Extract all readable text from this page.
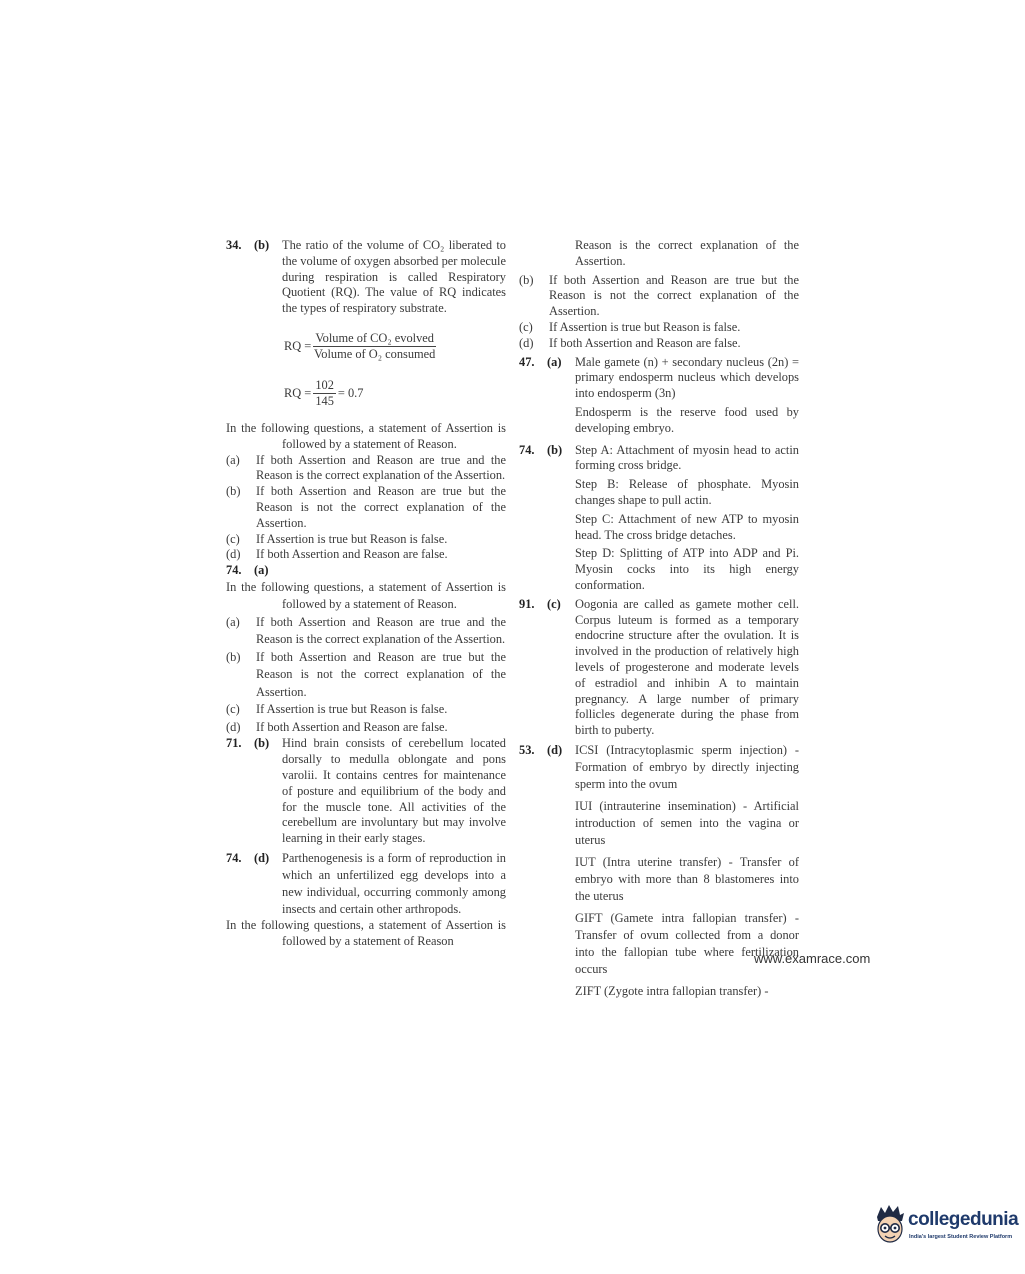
34.	(b)	The ratio of the volume of CO₂ liberated to the volume of oxygen absorbed per molecule during respiration is called Respiratory Quotient (RQ). The value of RQ indicates the types of respiratory substrate.
RQ = $\frac{\text{Volume of CO₂ evolved}}{\text{Volume of O₂ consumed}}$
RQ = $\frac{102}{145} = 0.7$
In the following questions, a statement of Assertion is followed by a statement of Reason.
(a)	If both Assertion and Reason are true and the Reason is the correct explanation of the Assertion.
(b)	If both Assertion and Reason are true but the Reason is not the correct explanation of the Assertion.
(c)	If Assertion is true but Reason is false.
(d)	If both Assertion and Reason are false.
74.	(a)
In the following questions, a statement of Assertion is followed by a statement of Reason.
(a)	If both Assertion and Reason are true and the Reason is the correct explanation of the Assertion.
(b)	If both Assertion and Reason are true but the Reason is not the correct explanation of the Assertion.
(c)	If Assertion is true but Reason is false.
(d)	If both Assertion and Reason are false.
71.	(b)	Hind brain consists of cerebellum located dorsally to medulla oblongate and pons varolii. It contains centres for maintenance of posture and equilibrium of the body and for the muscle tone. All activities of the cerebellum are involuntary but may involve learning in their early stages.
74.	(d)	Parthenogenesis is a form of reproduction in which an unfertilized egg develops into a new individual, occurring commonly among insects and certain other arthropods.
In the following questions, a statement of Assertion is followed by a statement of Reason
Reason is the correct explanation of the Assertion.
(b)	If both Assertion and Reason are true but the Reason is not the correct explanation of the Assertion.
(c)	If Assertion is true but Reason is false.
(d)	If both Assertion and Reason are false.
47.	(a)	Male gamete (n) + secondary nucleus (2n) = primary endosperm nucleus which develops into endosperm (3n)
Endosperm is the reserve food used by developing embryo.
74.	(b)	Step A: Attachment of myosin head to actin forming cross bridge.
Step B: Release of phosphate. Myosin changes shape to pull actin.
Step C: Attachment of new ATP to myosin head. The cross bridge detaches.
Step D: Splitting of ATP into ADP and Pi. Myosin cocks into its high energy conformation.
91.	(c)	Oogonia are called as gamete mother cell. Corpus luteum is formed as a temporary endocrine structure after the ovulation. It is involved in the production of relatively high levels of progesterone and moderate levels of estradiol and inhibin A to maintain pregnancy. A large number of primary follicles degenerate during the phase from birth to puberty.
53.	(d)	ICSI (Intracytoplasmic sperm injection) - Formation of embryo by directly injecting sperm into the ovum
IUI (intrauterine insemination) - Artificial introduction of semen into the vagina or uterus
IUT (Intra uterine transfer) - Transfer of embryo with more than 8 blastomeres into the uterus
GIFT (Gamete intra fallopian transfer) - Transfer of ovum collected from a donor into the fallopian tube where fertilization occurs
ZIFT (Zygote intra fallopian transfer) -
www.examrace.com
collegedunia
India's largest Student Review Platform
